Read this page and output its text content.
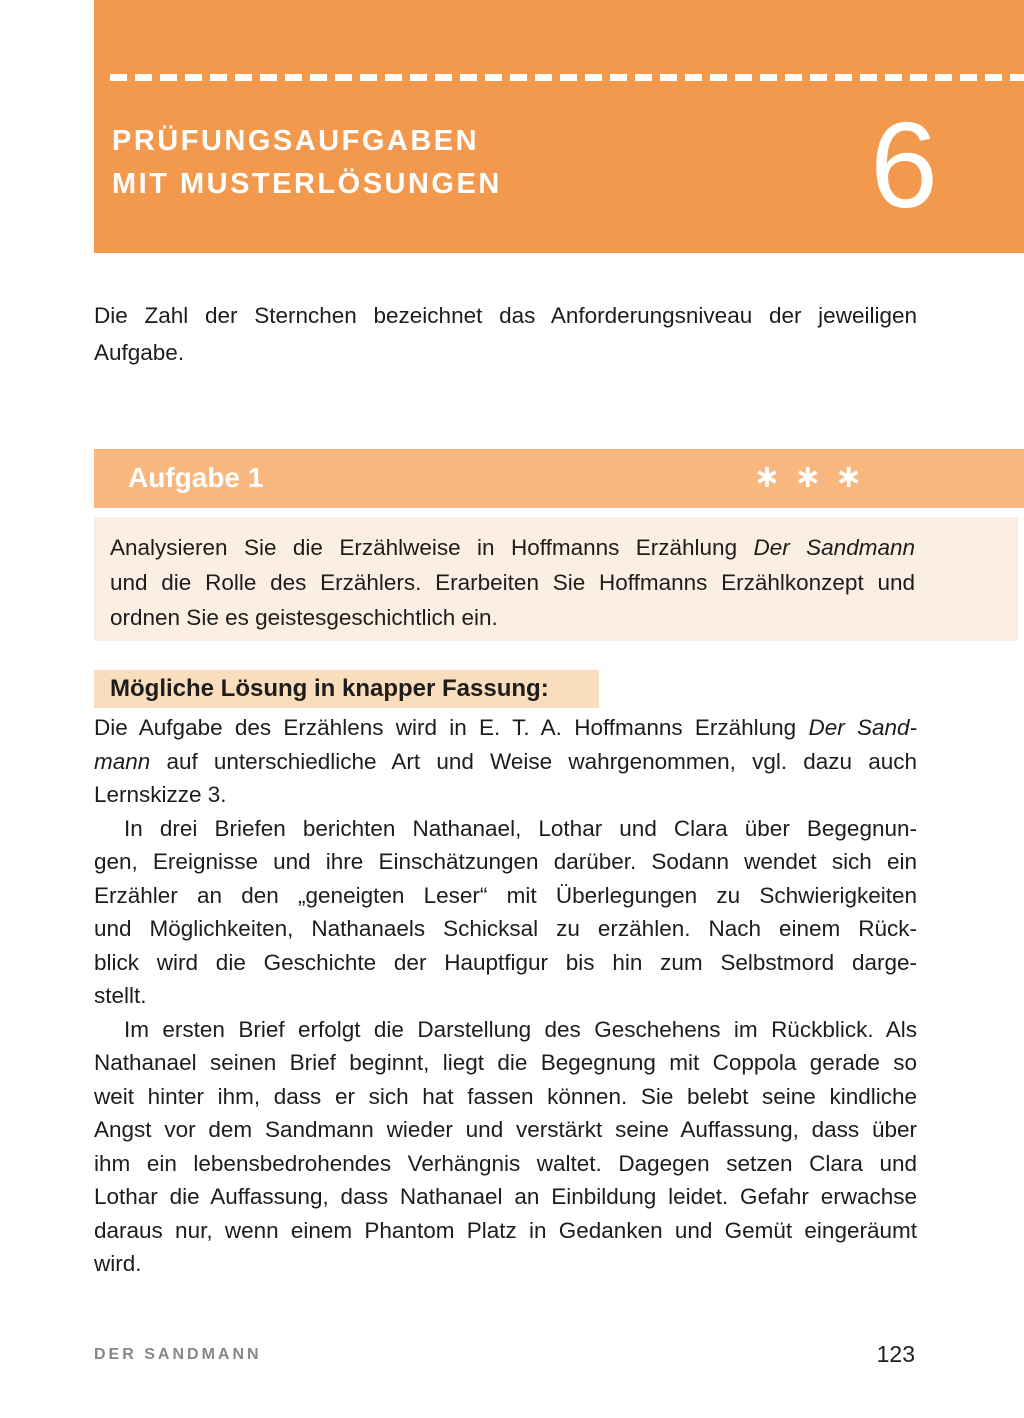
PRÜFUNGSAUFGABEN
MIT MUSTERLÖSUNGEN	6
Die Zahl der Sternchen bezeichnet das Anforderungsniveau der jeweiligen
Aufgabe.
Aufgabe 1	∗∗∗
Analysieren Sie die Erzählweise in Hoffmanns Erzählung Der Sandmann
und die Rolle des Erzählers. Erarbeiten Sie Hoffmanns Erzählkonzept und
ordnen Sie es geistesgeschichtlich ein.
Mögliche Lösung in knapper Fassung:
Die Aufgabe des Erzählens wird in E. T. A. Hoffmanns Erzählung Der Sand-
mann auf unterschiedliche Art und Weise wahrgenommen, vgl. dazu auch
Lernskizze 3.
In drei Briefen berichten Nathanael, Lothar und Clara über Begegnun-
gen, Ereignisse und ihre Einschätzungen darüber. Sodann wendet sich ein
Erzähler an den „geneigten Leser“ mit Überlegungen zu Schwierigkeiten
und Möglichkeiten, Nathanaels Schicksal zu erzählen. Nach einem Rück-
blick wird die Geschichte der Hauptfigur bis hin zum Selbstmord darge-
stellt.
Im ersten Brief erfolgt die Darstellung des Geschehens im Rückblick. Als
Nathanael seinen Brief beginnt, liegt die Begegnung mit Coppola gerade so
weit hinter ihm, dass er sich hat fassen können. Sie belebt seine kindliche
Angst vor dem Sandmann wieder und verstärkt seine Auffassung, dass über
ihm ein lebensbedrohendes Verhängnis waltet. Dagegen setzen Clara und
Lothar die Auffassung, dass Nathanael an Einbildung leidet. Gefahr erwachse
daraus nur, wenn einem Phantom Platz in Gedanken und Gemüt eingeräumt
wird.
DER SANDMANN	123
